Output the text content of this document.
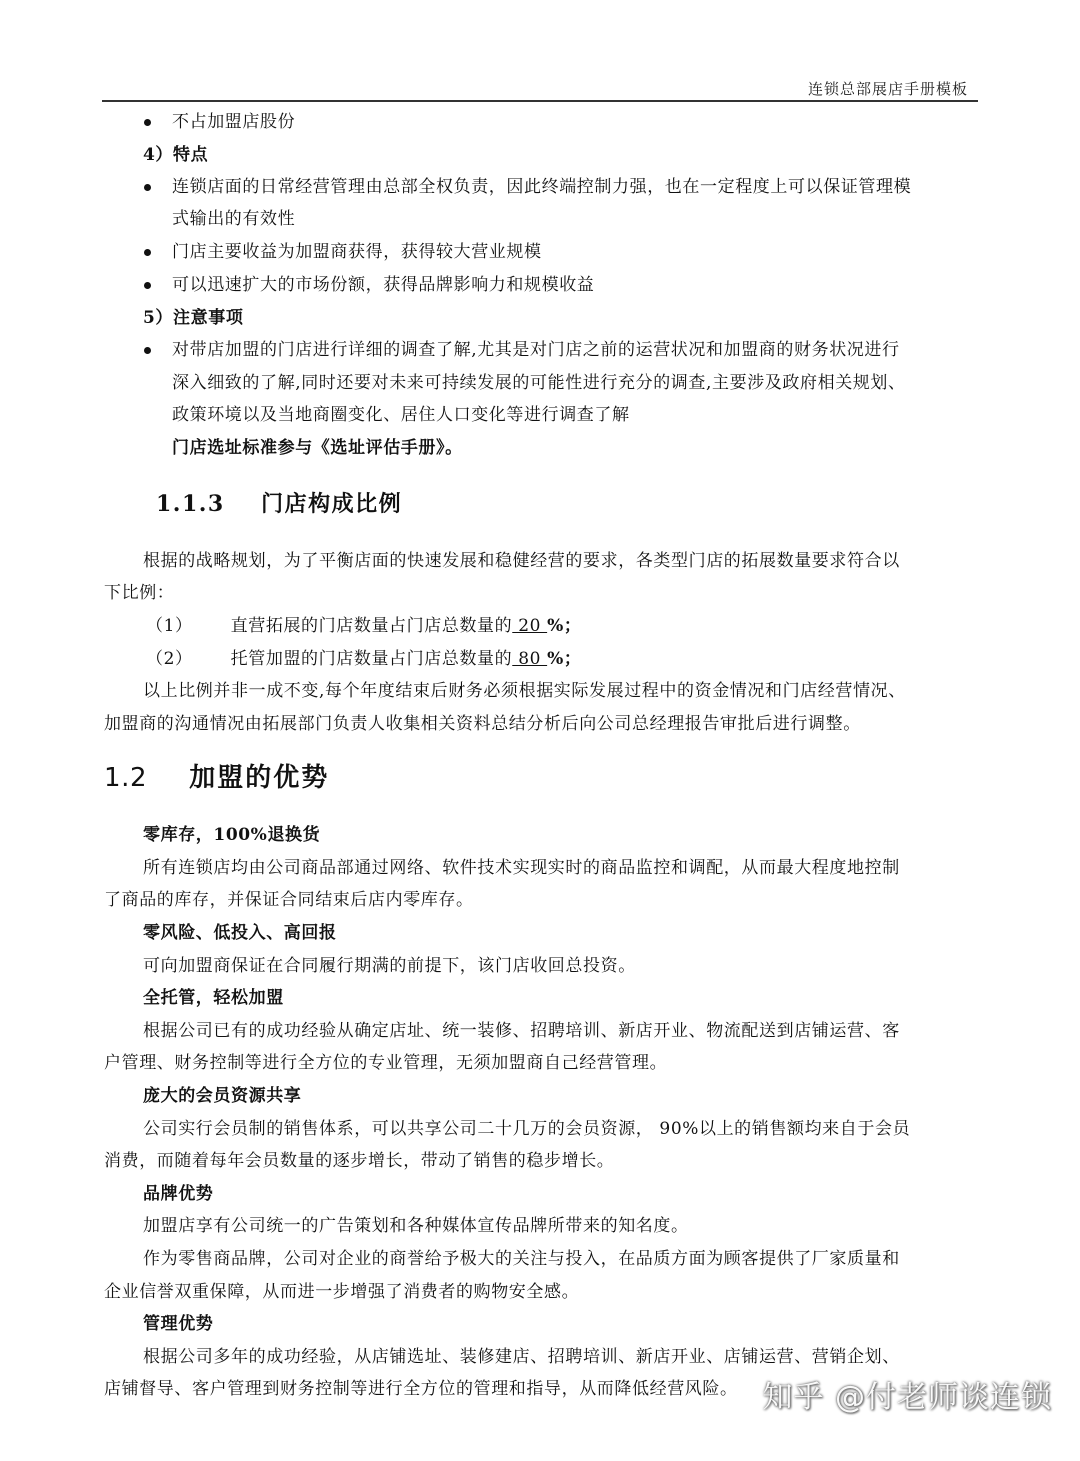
连锁总部展店手册模板
不占加盟店股份
4）特点
连锁店面的日常经营管理由总部全权负责，因此终端控制力强，也在一定程度上可以保证管理模
式输出的有效性
门店主要收益为加盟商获得，获得较大营业规模
可以迅速扩大的市场份额，获得品牌影响力和规模收益
5）注意事项
对带店加盟的门店进行详细的调查了解,尤其是对门店之前的运营状况和加盟商的财务状况进行
深入细致的了解,同时还要对未来可持续发展的可能性进行充分的调查,主要涉及政府相关规划、
政策环境以及当地商圈变化、居住人口变化等进行调查了解
门店选址标准参与《选址评估手册》。
1.1.3 门店构成比例
根据的战略规划，为了平衡店面的快速发展和稳健经营的要求，各类型门店的拓展数量要求符合以
下比例：
（1） 直营拓展的门店数量占门店总数量的 20 %；
（2） 托管加盟的门店数量占门店总数量的 80 %；
以上比例并非一成不变,每个年度结束后财务必须根据实际发展过程中的资金情况和门店经营情况、
加盟商的沟通情况由拓展部门负责人收集相关资料总结分析后向公司总经理报告审批后进行调整。
1.2 加盟的优势
零库存，100%退换货
所有连锁店均由公司商品部通过网络、软件技术实现实时的商品监控和调配，从而最大程度地控制
了商品的库存，并保证合同结束后店内零库存。
零风险、低投入、高回报
可向加盟商保证在合同履行期满的前提下，该门店收回总投资。
全托管，轻松加盟
根据公司已有的成功经验从确定店址、统一装修、招聘培训、新店开业、物流配送到店铺运营、客
户管理、财务控制等进行全方位的专业管理，无须加盟商自己经营管理。
庞大的会员资源共享
公司实行会员制的销售体系，可以共享公司二十几万的会员资源， 90%以上的销售额均来自于会员
消费，而随着每年会员数量的逐步增长，带动了销售的稳步增长。
品牌优势
加盟店享有公司统一的广告策划和各种媒体宣传品牌所带来的知名度。
作为零售商品牌，公司对企业的商誉给予极大的关注与投入，在品质方面为顾客提供了厂家质量和
企业信誉双重保障，从而进一步增强了消费者的购物安全感。
管理优势
根据公司多年的成功经验，从店铺选址、装修建店、招聘培训、新店开业、店铺运营、营销企划、
店铺督导、客户管理到财务控制等进行全方位的管理和指导，从而降低经营风险。 知乎 @付老师谈连锁
